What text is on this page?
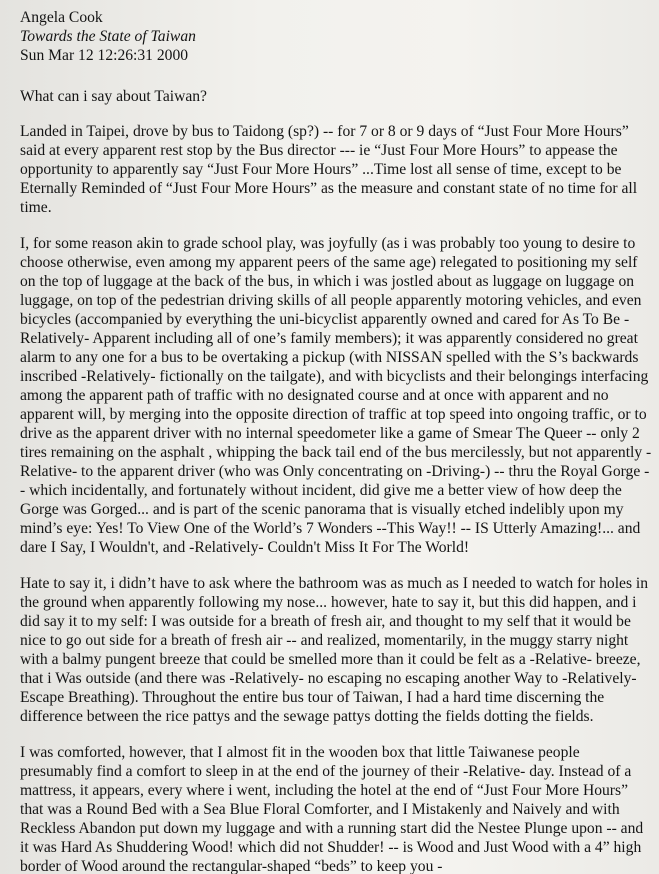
Angela Cook

Towards the State of Taiwan

Sun Mar 12 12:26:31 2000

What can i say about Taiwan?

Landed in Taipei, drove by bus to Taidong (sp?) -- for 7 or 8 or 9 days of “Just Four More Hours” said at every apparent rest stop by the Bus director --- ie “Just Four More Hours” to appease the opportunity to apparently say “Just Four More Hours” ...Time lost all sense of time, except to be Eternally Reminded of “Just Four More Hours” as the measure and constant state of no time for all time.

I, for some reason akin to grade school play, was joyfully (as i was probably too young to desire to choose otherwise, even among my apparent peers of the same age) relegated to positioning my self on the top of luggage at the back of the bus, in which i was jostled about as luggage on luggage on luggage, on top of the pedestrian driving skills of all people apparently motoring vehicles, and even bicycles (accompanied by everything the uni-bicyclist apparently owned and cared for As To Be -Relatively- Apparent including all of one’s family members); it was apparently considered no great alarm to any one for a bus to be overtaking a pickup (with NISSAN spelled with the S’s backwards inscribed -Relatively- fictionally on the tailgate), and with bicyclists and their belongings interfacing among the apparent path of traffic with no designated course and at once with apparent and no apparent will, by merging into the opposite direction of traffic at top speed into ongoing traffic, or to drive as the apparent driver with no internal speedometer like a game of Smear The Queer -- only 2 tires remaining on the asphalt , whipping the back tail end of the bus mercilessly, but not apparently -Relative- to the apparent driver (who was Only concentrating on -Driving-) -- thru the Royal Gorge -- which incidentally, and fortunately without incident, did give me a better view of how deep the Gorge was Gorged... and is part of the scenic panorama that is visually etched indelibly upon my mind’s eye: Yes! To View One of the World’s 7 Wonders --This Way!! -- IS Utterly Amazing!... and dare I Say, I Wouldn't, and -Relatively- Couldn't Miss It For The World!

Hate to say it, i didn’t have to ask where the bathroom was as much as I needed to watch for holes in the ground when apparently following my nose... however, hate to say it, but this did happen, and i did say it to my self: I was outside for a breath of fresh air, and thought to my self that it would be nice to go out side for a breath of fresh air -- and realized, momentarily, in the muggy starry night with a balmy pungent breeze that could be smelled more than it could be felt as a -Relative- breeze, that i Was outside (and there was -Relatively- no escaping no escaping another Way to -Relatively- Escape Breathing). Throughout the entire bus tour of Taiwan, I had a hard time discerning the difference between the rice pattys and the sewage pattys dotting the fields dotting the fields.

I was comforted, however, that I almost fit in the wooden box that little Taiwanese people presumably find a comfort to sleep in at the end of the journey of their -Relative- day. Instead of a mattress, it appears, every where i went, including the hotel at the end of “Just Four More Hours” that was a Round Bed with a Sea Blue Floral Comforter, and I Mistakenly and Naively and with Reckless Abandon put down my luggage and with a running start did the Nestee Plunge upon -- and it was Hard As Shuddering Wood! which did not Shudder! -- is Wood and Just Wood with a 4” high border of Wood around the rectangular-shaped “beds” to keep you -
